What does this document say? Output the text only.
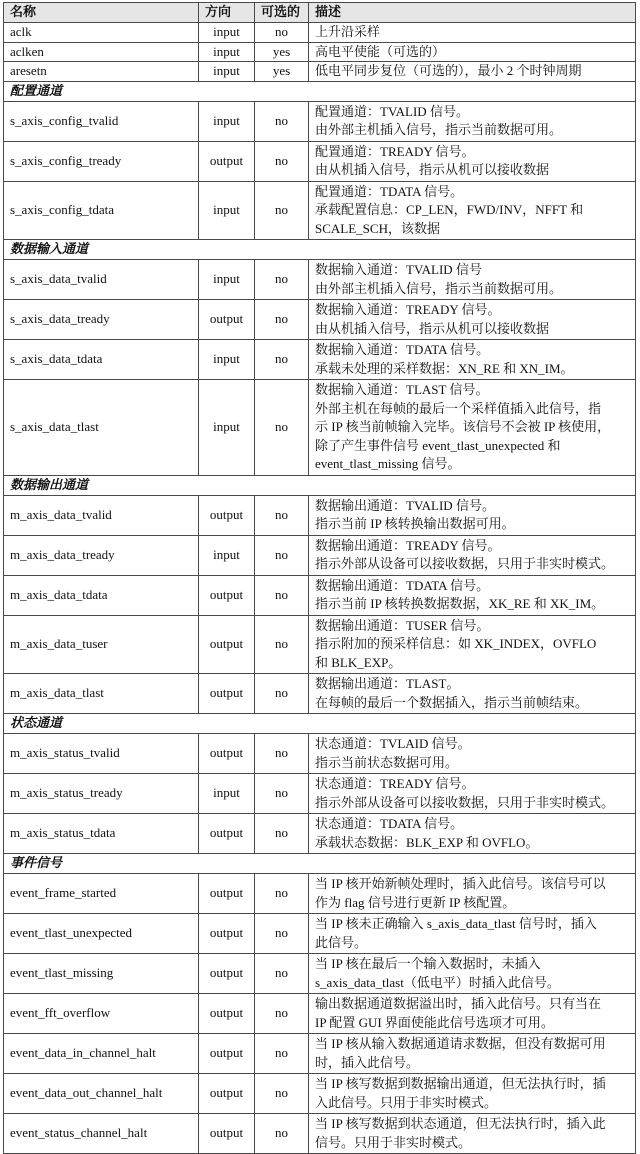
名称	方向	可选的	描述
aclk	input	no	上升沿采样

aclken	input	yes	高电平使能（可选的）

aresetn	input	yes	低电平同步复位（可选的），最小 2 个时钟周期

配置通道			
s_axis_config_tvalid	input	no	配置通道：TVALID 信号。
由外部主机插入信号，指示当前数据可用。

s_axis_config_tready	output	no	配置通道：TREADY 信号。
由从机插入信号，指示从机可以接收数据

s_axis_config_tdata	input	no	配置通道：TDATA 信号。
承载配置信息：CP_LEN，FWD/INV，NFFT 和
SCALE_SCH，该数据

数据输入通道			
s_axis_data_tvalid	input	no	数据输入通道：TVALID 信号
由外部主机插入信号，指示当前数据可用。

s_axis_data_tready	output	no	数据输入通道：TREADY 信号。
由从机插入信号，指示从机可以接收数据

s_axis_data_tdata	input	no	数据输入通道：TDATA 信号。
承载未处理的采样数据：XN_RE 和 XN_IM。

s_axis_data_tlast	input	no	数据输入通道：TLAST 信号。
外部主机在每帧的最后一个采样值插入此信号，指
示 IP 核当前帧输入完毕。该信号不会被 IP 核使用，
除了产生事件信号 event_tlast_unexpected 和
event_tlast_missing 信号。

数据输出通道			
m_axis_data_tvalid	output	no	数据输出通道：TVALID 信号。
指示当前 IP 核转换输出数据可用。

m_axis_data_tready	input	no	数据输出通道：TREADY 信号。
指示外部从设备可以接收数据，只用于非实时模式。

m_axis_data_tdata	output	no	数据输出通道：TDATA 信号。
指示当前 IP 核转换数据数据，XK_RE 和 XK_IM。

m_axis_data_tuser	output	no	数据输出通道：TUSER 信号。
指示附加的预采样信息：如 XK_INDEX，OVFLO
和 BLK_EXP。

m_axis_data_tlast	output	no	数据输出通道：TLAST。
在每帧的最后一个数据插入，指示当前帧结束。

状态通道			
m_axis_status_tvalid	output	no	状态通道：TVLAID 信号。
指示当前状态数据可用。

m_axis_status_tready	input	no	状态通道：TREADY 信号。
指示外部从设备可以接收数据，只用于非实时模式。

m_axis_status_tdata	output	no	状态通道：TDATA 信号。
承载状态数据：BLK_EXP 和 OVFLO。

事件信号			
event_frame_started	output	no	当 IP 核开始新帧处理时，插入此信号。该信号可以
作为 flag 信号进行更新 IP 核配置。

event_tlast_unexpected	output	no	当 IP 核未正确输入 s_axis_data_tlast 信号时，插入
此信号。

event_tlast_missing	output	no	当 IP 核在最后一个输入数据时，未插入
s_axis_data_tlast（低电平）时插入此信号。

event_fft_overflow	output	no	输出数据通道数据溢出时，插入此信号。只有当在
IP 配置 GUI 界面使能此信号选项才可用。

event_data_in_channel_halt	output	no	当 IP 核从输入数据通道请求数据，但没有数据可用
时，插入此信号。

event_data_out_channel_halt	output	no	当 IP 核写数据到数据输出通道，但无法执行时，插
入此信号。只用于非实时模式。

event_status_channel_halt	output	no	当 IP 核写数据到状态通道，但无法执行时，插入此
信号。只用于非实时模式。
